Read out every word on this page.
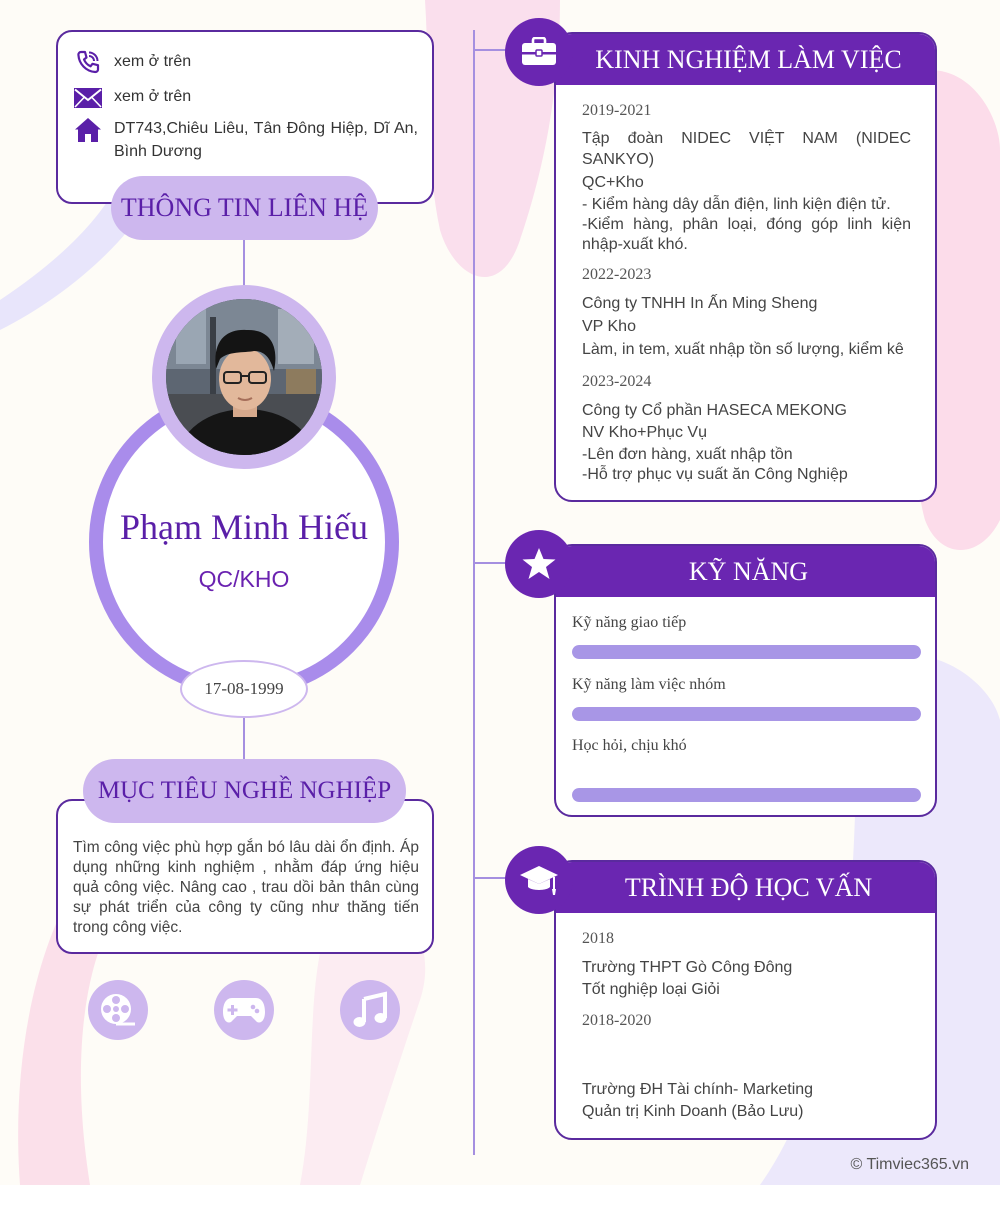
xem ở trên
xem ở trên
DT743,Chiêu Liêu, Tân Đông Hiệp, Dĩ An, Bình Dương
THÔNG TIN LIÊN HỆ
Phạm Minh Hiếu
QC/KHO
17-08-1999
Tìm công việc phù hợp gắn bó lâu dài ổn định. Áp dụng những kinh nghiệm , nhằm đáp ứng hiệu quả công việc. Nâng cao , trau dồi bản thân cùng sự phát triển của công ty cũng như thăng tiến trong công việc.
MỤC TIÊU NGHỀ NGHIỆP
KINH NGHIỆM LÀM VIỆC
2019-2021
Tập đoàn NIDEC VIỆT NAM (NIDEC SANKYO)
QC+Kho
- Kiểm hàng dây dẫn điện, linh kiện điện tử.
-Kiểm hàng, phân loại, đóng góp linh kiện nhập-xuất khó.
2022-2023
Công ty TNHH In Ấn Ming Sheng
VP Kho
Làm, in tem, xuất nhập tồn số lượng, kiểm kê
2023-2024
Công ty Cổ phần HASECA MEKONG
NV Kho+Phục Vụ
-Lên đơn hàng, xuất nhập tồn
-Hỗ trợ phục vụ suất ăn Công Nghiệp
KỸ NĂNG
Kỹ năng giao tiếp
Kỹ năng làm việc nhóm
Học hỏi, chịu khó
TRÌNH ĐỘ HỌC VẤN
2018
Trường THPT Gò Công Đông
Tốt nghiệp loại Giỏi
2018-2020
Trường ĐH Tài chính- Marketing
Quản trị Kinh Doanh (Bảo Lưu)
© Timviec365.vn
